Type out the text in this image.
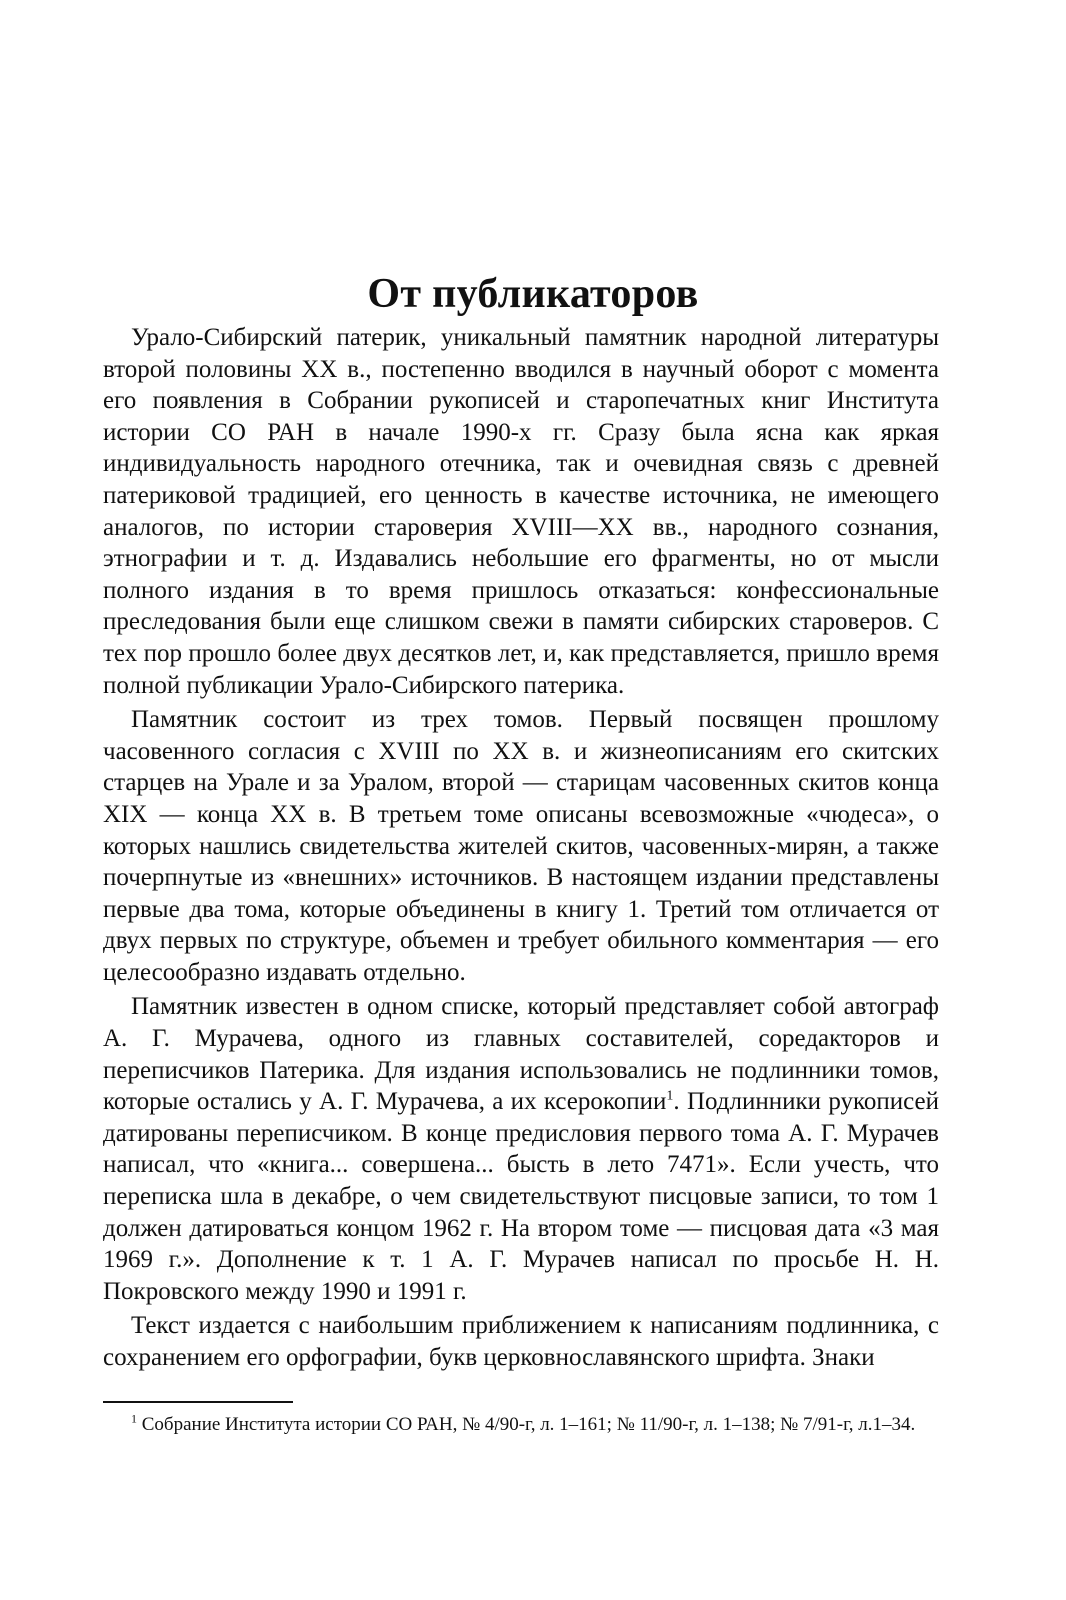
От публикаторов

Урало-Сибирский патерик, уникальный памятник народной литературы второй половины XX в., постепенно вводился в научный оборот с момента его появления в Собрании рукописей и старопечатных книг Института истории СО РАН в начале 1990-х гг. Сразу была ясна как яркая индивидуальность народного отечника, так и очевидная связь с древней патериковой традицией, его ценность в качестве источника, не имеющего аналогов, по истории староверия XVIII—XX вв., народного сознания, этнографии и т. д. Издавались небольшие его фрагменты, но от мысли полного издания в то время пришлось отказаться: конфессиональные преследования были еще слишком свежи в памяти сибирских староверов. С тех пор прошло более двух десятков лет, и, как представляется, пришло время полной публикации Урало-Сибирского патерика.

Памятник состоит из трех томов. Первый посвящен прошлому часовенного согласия с XVIII по XX в. и жизнеописаниям его скитских старцев на Урале и за Уралом, второй — старицам часовенных скитов конца XIX — конца XX в. В третьем томе описаны всевозможные «чюдеса», о которых нашлись свидетельства жителей скитов, часовенных-мирян, а также почерпнутые из «внешних» источников. В настоящем издании представлены первые два тома, которые объединены в книгу 1. Третий том отличается от двух первых по структуре, объемен и требует обильного комментария — его целесообразно издавать отдельно.

Памятник известен в одном списке, который представляет собой автограф А. Г. Мурачева, одного из главных составителей, соредакторов и переписчиков Патерика. Для издания использовались не подлинники томов, которые остались у А. Г. Мурачева, а их ксерокопии$^1$. Подлинники рукописей датированы переписчиком. В конце предисловия первого тома А. Г. Мурачев написал, что «книга... совершена... бысть в лето 7471». Если учесть, что переписка шла в декабре, о чем свидетельствуют писцовые записи, то том 1 должен датироваться концом 1962 г. На втором томе — писцовая дата «3 мая 1969 г.». Дополнение к т. 1 А. Г. Мурачев написал по просьбе Н. Н. Покровского между 1990 и 1991 г.

Текст издается с наибольшим приближением к написаниям подлинника, с сохранением его орфографии, букв церковнославянского шрифта. Знаки

$^1$ Собрание Института истории СО РАН, № 4/90-г, л. 1–161; № 11/90-г, л. 1–138; № 7/91-г, л.1–34.
